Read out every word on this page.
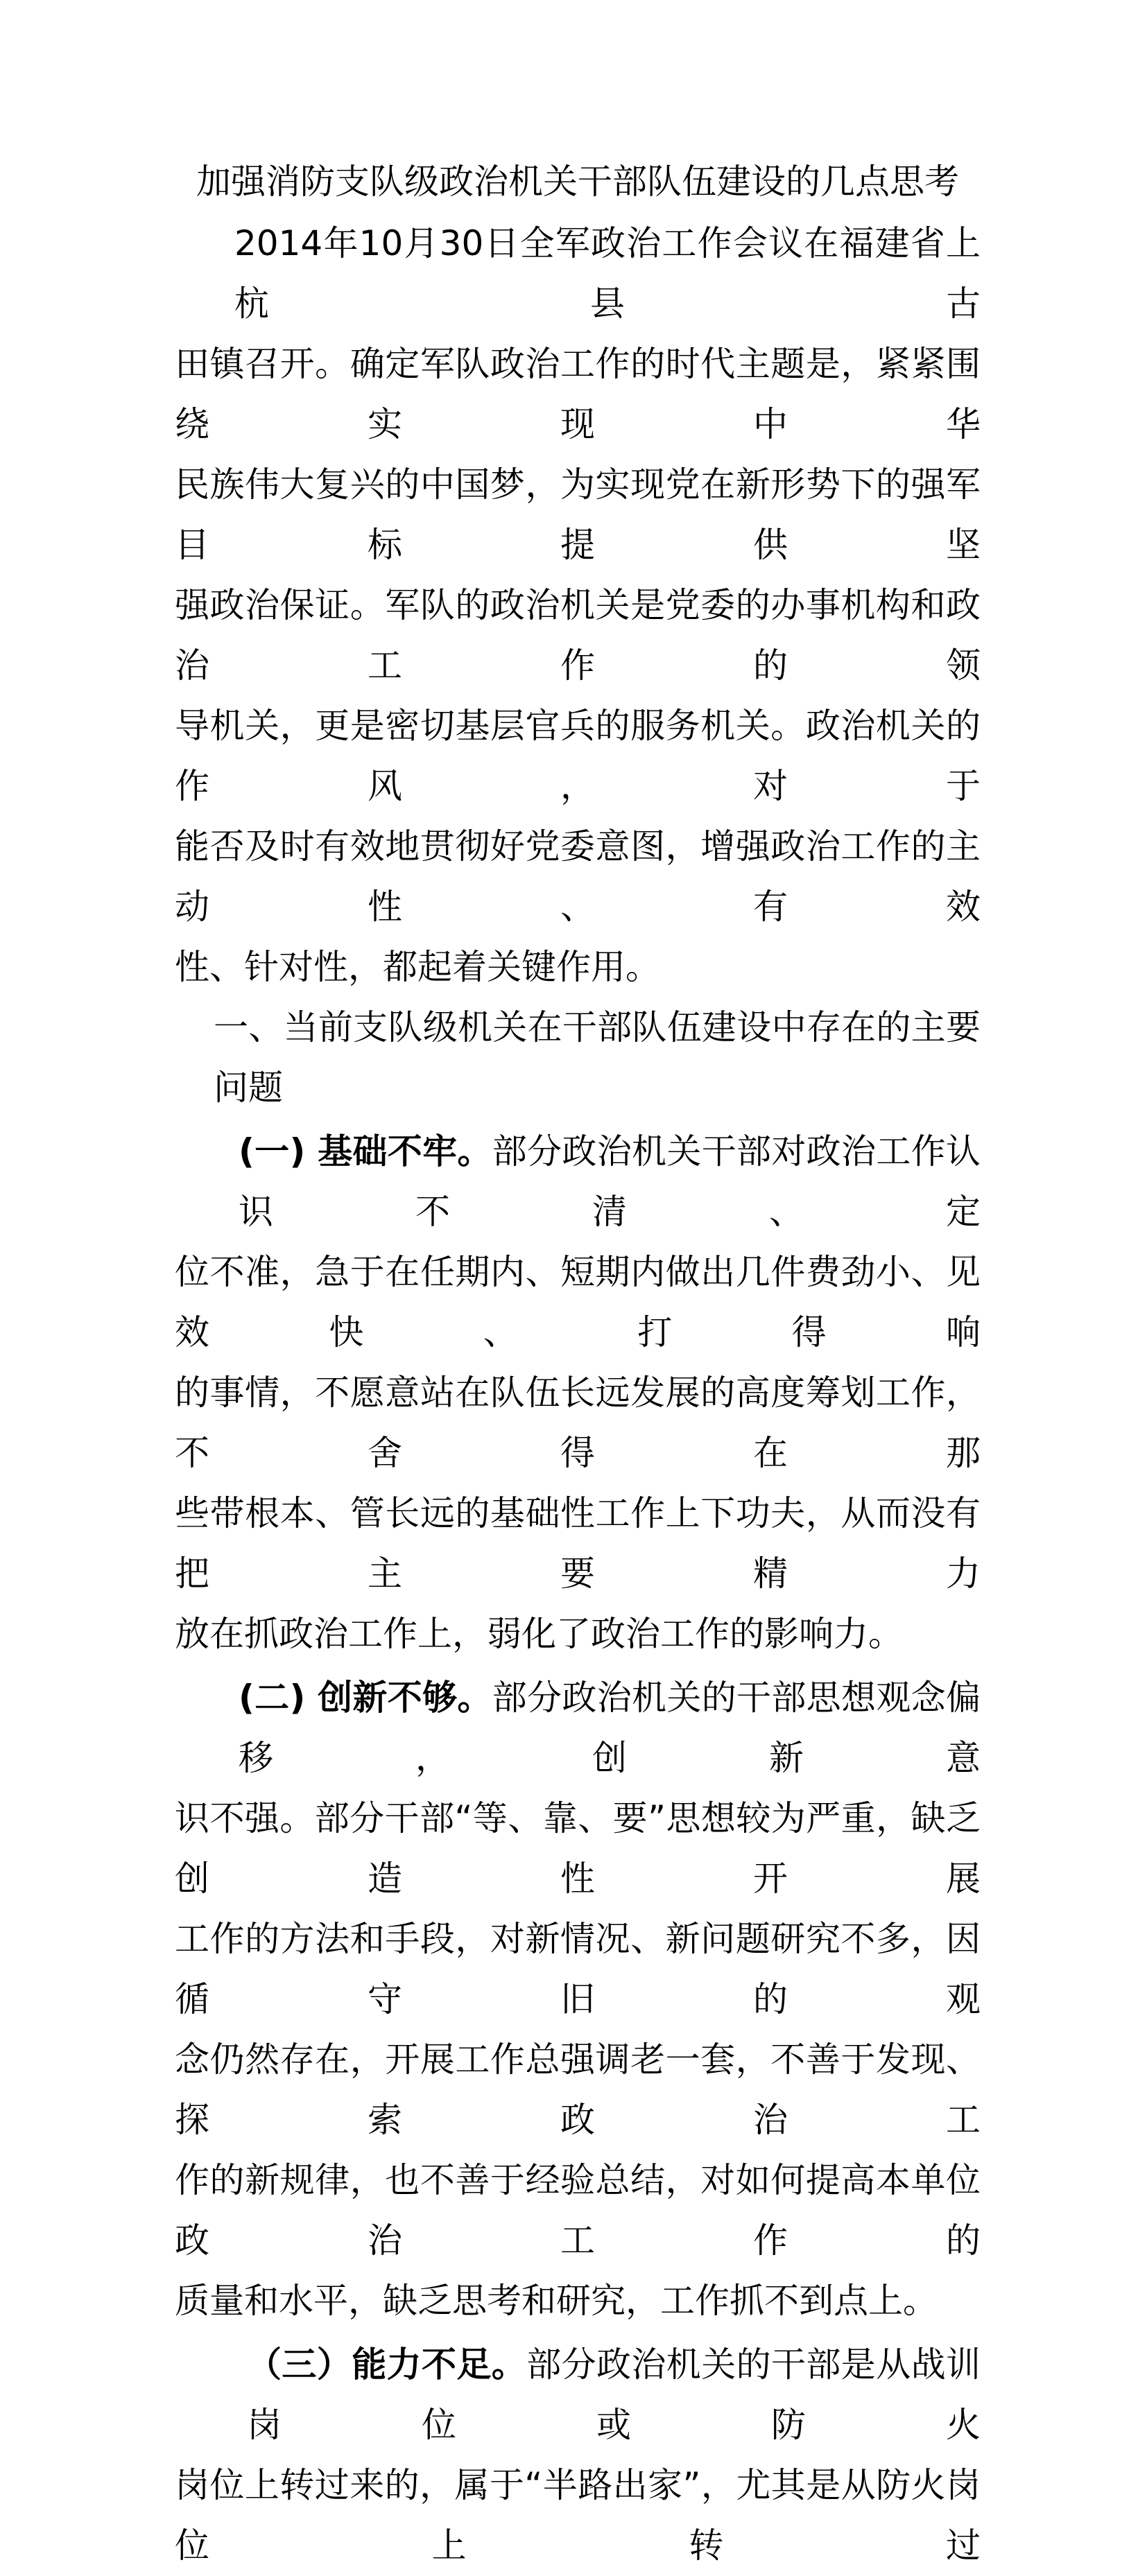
加强消防支队级政治机关干部队伍建设的几点思考
2014年10月30日全军政治工作会议在福建省上杭县古
田镇召开。确定军队政治工作的时代主题是，紧紧围绕实现中华
民族伟大复兴的中国梦，为实现党在新形势下的强军目标提供坚
强政治保证。军队的政治机关是党委的办事机构和政治工作的领
导机关，更是密切基层官兵的服务机关。政治机关的作风，对于
能否及时有效地贯彻好党委意图，增强政治工作的主动性、有效
性、针对性，都起着关键作用。
一、当前支队级机关在干部队伍建设中存在的主要问题
(一) 基础不牢。部分政治机关干部对政治工作认识不清、定
位不准，急于在任期内、短期内做出几件费劲小、见效快、打得响
的事情，不愿意站在队伍长远发展的高度筹划工作，不舍得在那
些带根本、管长远的基础性工作上下功夫，从而没有把主要精力
放在抓政治工作上，弱化了政治工作的影响力。
(二) 创新不够。部分政治机关的干部思想观念偏移，创新意
识不强。部分干部“等、靠、要”思想较为严重，缺乏创造性开展
工作的方法和手段，对新情况、新问题研究不多，因循守旧的观
念仍然存在，开展工作总强调老一套，不善于发现、探索政治工
作的新规律，也不善于经验总结，对如何提高本单位政治工作的
质量和水平，缺乏思考和研究，工作抓不到点上。
（三）能力不足。部分政治机关的干部是从战训岗位或防火
岗位上转过来的，属于“半路出家”，尤其是从防火岗位上转过
